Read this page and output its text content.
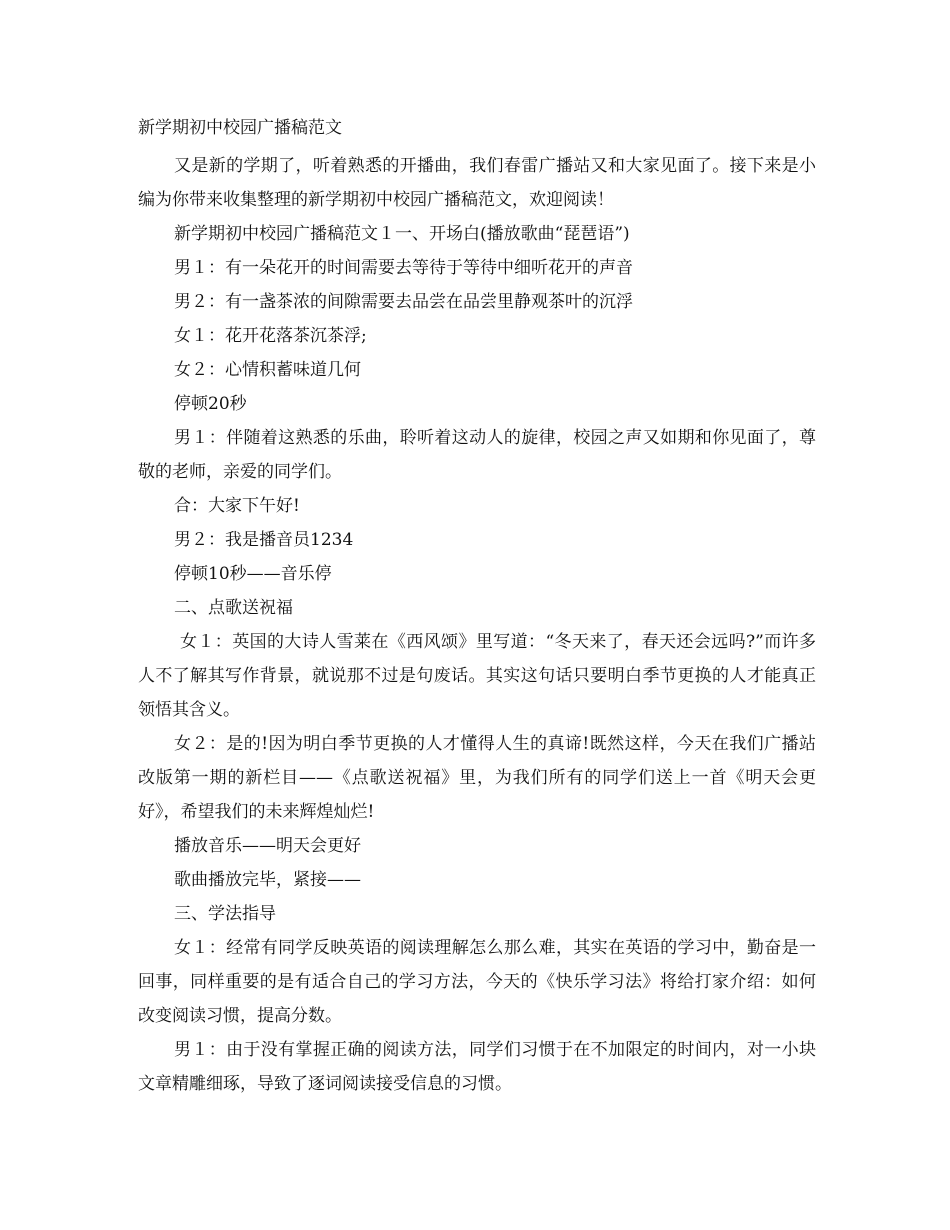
新学期初中校园广播稿范文

又是新的学期了，听着熟悉的开播曲，我们春雷广播站又和大家见面了。接下来是小编为你带来收集整理的新学期初中校园广播稿范文，欢迎阅读！

新学期初中校园广播稿范文１一、开场白(播放歌曲“琵琶语”)

男１：有一朵花开的时间需要去等待于等待中细听花开的声音

男２：有一盏茶浓的间隙需要去品尝在品尝里静观茶叶的沉浮

女１：花开花落茶沉茶浮;

女２：心情积蓄味道几何

停顿20秒

男１：伴随着这熟悉的乐曲，聆听着这动人的旋律，校园之声又如期和你见面了，尊敬的老师，亲爱的同学们。

合：大家下午好!

男２：我是播音员1234

停顿10秒——音乐停

二、点歌送祝福

女１：英国的大诗人雪莱在《西风颂》里写道：“冬天来了，春天还会远吗?”而许多人不了解其写作背景，就说那不过是句废话。其实这句话只要明白季节更换的人才能真正领悟其含义。

女２：是的!因为明白季节更换的人才懂得人生的真谛!既然这样，今天在我们广播站改版第一期的新栏目——《点歌送祝福》里，为我们所有的同学们送上一首《明天会更好》，希望我们的未来辉煌灿烂!

播放音乐——明天会更好

歌曲播放完毕，紧接——

三、学法指导

女１：经常有同学反映英语的阅读理解怎么那么难，其实在英语的学习中，勤奋是一回事，同样重要的是有适合自己的学习方法，今天的《快乐学习法》将给打家介绍：如何改变阅读习惯，提高分数。

男１：由于没有掌握正确的阅读方法，同学们习惯于在不加限定的时间内，对一小块文章精雕细琢，导致了逐词阅读接受信息的习惯。
